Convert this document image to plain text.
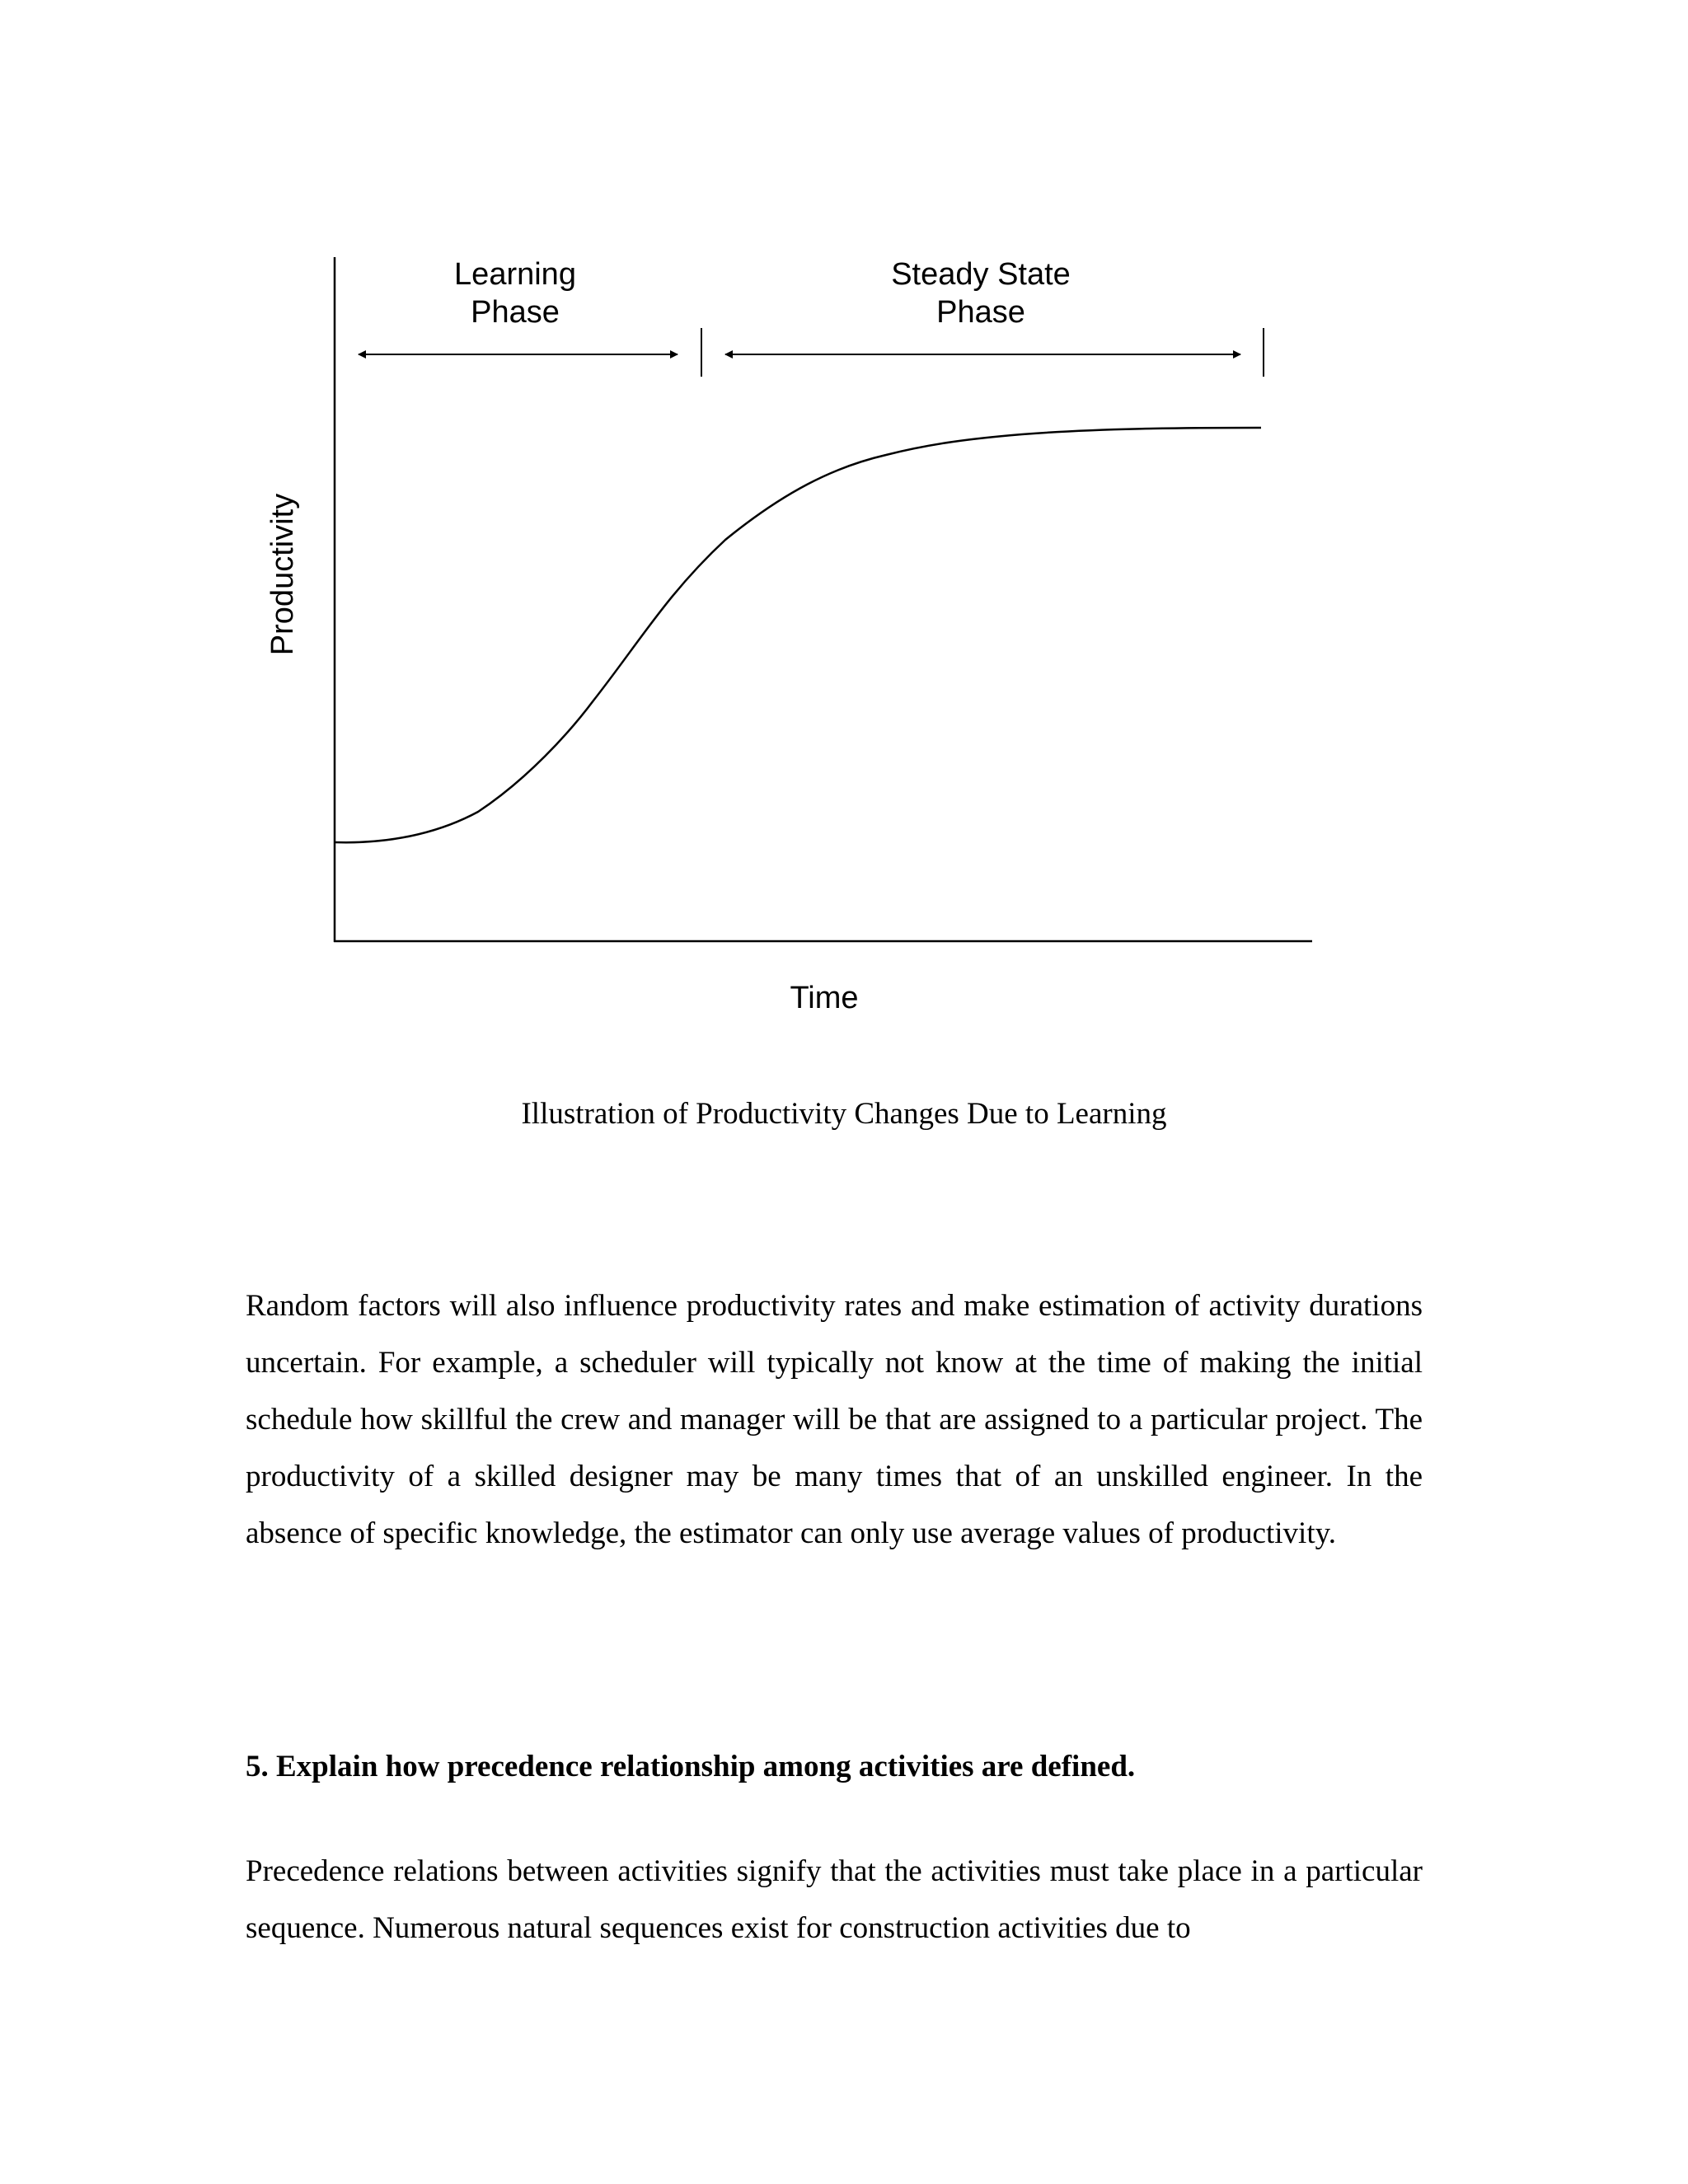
Productivity
Learning
Phase
Steady State
Phase
Time
Illustration of Productivity Changes Due to Learning

Random factors will also influence productivity rates and make estimation of activity durations uncertain. For example, a scheduler will typically not know at the time of making the initial schedule how skillful the crew and manager will be that are assigned to a particular project. The productivity of a skilled designer may be many times that of an unskilled engineer. In the absence of specific knowledge, the estimator can only use average values of productivity.

5. Explain how precedence relationship among activities are defined.

Precedence relations between activities signify that the activities must take place in a particular sequence. Numerous natural sequences exist for construction activities due to
